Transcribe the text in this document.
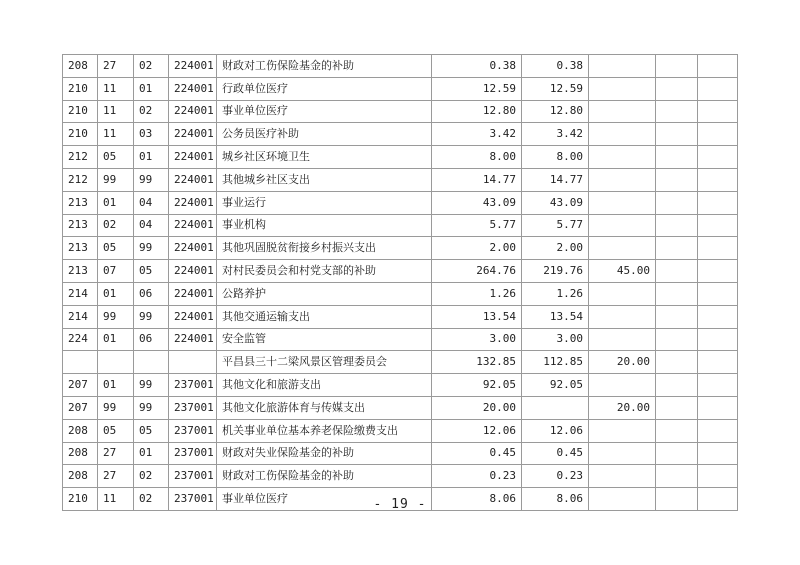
208	27	02	224001	财政对工伤保险基金的补助	0.38	0.38			
210	11	01	224001	行政单位医疗	12.59	12.59			
210	11	02	224001	事业单位医疗	12.80	12.80			
210	11	03	224001	公务员医疗补助	3.42	3.42			
212	05	01	224001	城乡社区环境卫生	8.00	8.00			
212	99	99	224001	其他城乡社区支出	14.77	14.77			
213	01	04	224001	事业运行	43.09	43.09			
213	02	04	224001	事业机构	5.77	5.77			
213	05	99	224001	其他巩固脱贫衔接乡村振兴支出	2.00	2.00			
213	07	05	224001	对村民委员会和村党支部的补助	264.76	219.76	45.00		
214	01	06	224001	公路养护	1.26	1.26			
214	99	99	224001	其他交通运输支出	13.54	13.54			
224	01	06	224001	安全监管	3.00	3.00			
				平昌县三十二梁风景区管理委员会	132.85	112.85	20.00		
207	01	99	237001	其他文化和旅游支出	92.05	92.05			
207	99	99	237001	其他文化旅游体育与传媒支出	20.00		20.00		
208	05	05	237001	机关事业单位基本养老保险缴费支出	12.06	12.06			
208	27	01	237001	财政对失业保险基金的补助	0.45	0.45			
208	27	02	237001	财政对工伤保险基金的补助	0.23	0.23			
210	11	02	237001	事业单位医疗	8.06	8.06			
- 19 -
